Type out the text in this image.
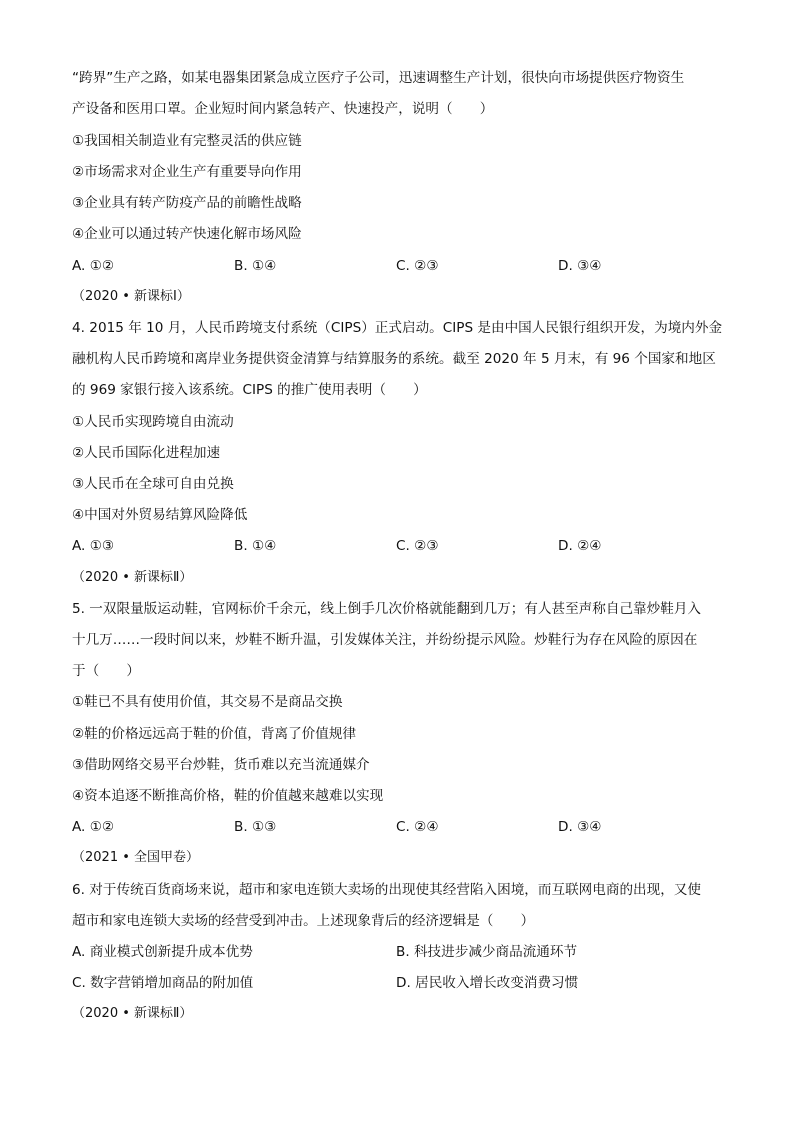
“跨界”生产之路，如某电器集团紧急成立医疗子公司，迅速调整生产计划，很快向市场提供医疗物资生
产设备和医用口罩。企业短时间内紧急转产、快速投产，说明（　　）
①我国相关制造业有完整灵活的供应链
②市场需求对企业生产有重要导向作用
③企业具有转产防疫产品的前瞻性战略
④企业可以通过转产快速化解市场风险
A. ①②	B. ①④	C. ②③	D. ③④
（2020 • 新课标Ⅰ）
4. 2015 年 10 月，人民币跨境支付系统（CIPS）正式启动。CIPS 是由中国人民银行组织开发，为境内外金
融机构人民币跨境和离岸业务提供资金清算与结算服务的系统。截至 2020 年 5 月末，有 96 个国家和地区
的 969 家银行接入该系统。CIPS 的推广使用表明（　　）
①人民币实现跨境自由流动
②人民币国际化进程加速
③人民币在全球可自由兑换
④中国对外贸易结算风险降低
A. ①③	B. ①④	C. ②③	D. ②④
（2020 • 新课标Ⅱ）
5. 一双限量版运动鞋，官网标价千余元，线上倒手几次价格就能翻到几万；有人甚至声称自己靠炒鞋月入
十几万……一段时间以来，炒鞋不断升温，引发媒体关注，并纷纷提示风险。炒鞋行为存在风险的原因在
于（　　）
①鞋已不具有使用价值，其交易不是商品交换
②鞋的价格远远高于鞋的价值，背离了价值规律
③借助网络交易平台炒鞋，货币难以充当流通媒介
④资本追逐不断推高价格，鞋的价值越来越难以实现
A. ①②	B. ①③	C. ②④	D. ③④
（2021 • 全国甲卷）
6. 对于传统百货商场来说，超市和家电连锁大卖场的出现使其经营陷入困境，而互联网电商的出现，又使
超市和家电连锁大卖场的经营受到冲击。上述现象背后的经济逻辑是（　　）
A. 商业模式创新提升成本优势	B. 科技进步减少商品流通环节
C. 数字营销增加商品的附加值	D. 居民收入增长改变消费习惯
（2020 • 新课标Ⅱ）
